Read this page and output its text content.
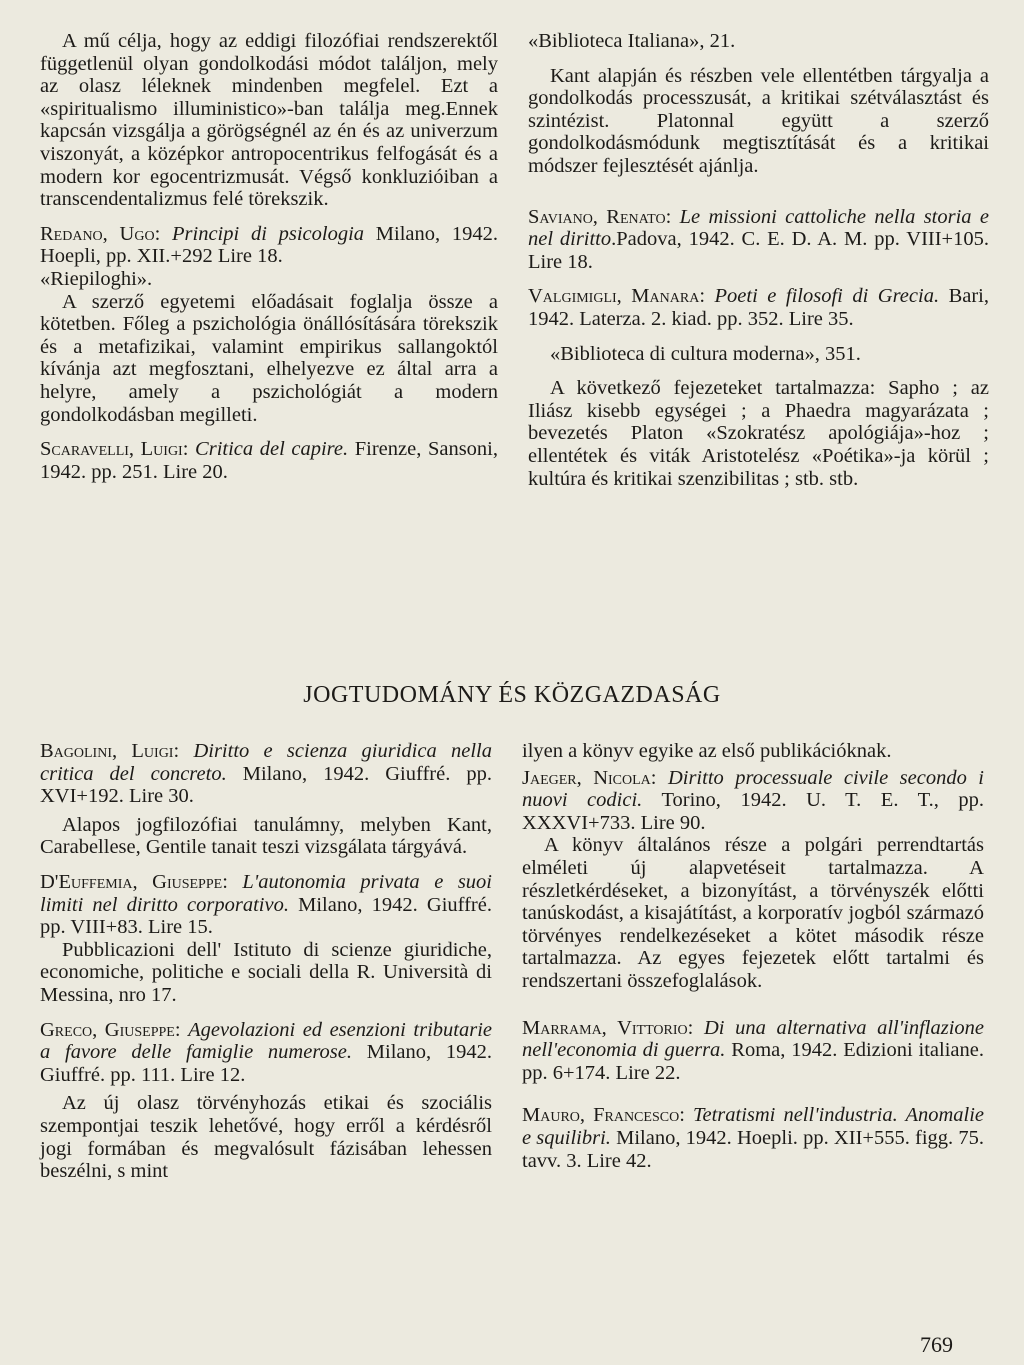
A mű célja, hogy az eddigi filozófiai rendszerektől függetlenül olyan gondolkodási módot találjon, mely az olasz léleknek mindenben megfelel. Ezt a «spiritualismo illuministico»-ban találja meg.Ennek kapcsán vizsgálja a görögségnél az én és az univerzum viszonyát, a középkor antropocentrikus felfogását és a modern kor egocentrizmusát. Végső konkluzióiban a transcendentalizmus felé törekszik.

Redano, Ugo: Principi di psicologia Milano, 1942. Hoepli, pp. XII.+292 Lire 18.

«Riepiloghi».

A szerző egyetemi előadásait foglalja össze a kötetben. Főleg a pszichológia önállósítására törekszik és a metafizikai, valamint empirikus sallangoktól kívánja azt megfosztani, elhelyezve ez által arra a helyre, amely a pszichológiát a modern gondolkodásban megilleti.

Scaravelli, Luigi: Critica del capire. Firenze, Sansoni, 1942. pp. 251. Lire 20.

«Biblioteca Italiana», 21.

Kant alapján és részben vele ellentétben tárgyalja a gondolkodás processzusát, a kritikai szétválasztást és szintézist. Platonnal együtt a szerző gondolkodásmódunk megtisztítását és a kritikai módszer fejlesztését ajánlja.

Saviano, Renato: Le missioni cattoliche nella storia e nel diritto.Padova, 1942. C. E. D. A. M. pp. VIII+105. Lire 18.

Valgimigli, Manara: Poeti e filosofi di Grecia. Bari, 1942. Laterza. 2. kiad. pp. 352. Lire 35.

«Biblioteca di cultura moderna», 351.

A következő fejezeteket tartalmazza: Sapho ; az Iliász kisebb egységei ; a Phaedra magyarázata ; bevezetés Platon «Szokratész apológiája»-hoz ; ellentétek és viták Aristotelész «Poétika»-ja körül ; kultúra és kritikai szenzibilitas ; stb. stb.

JOGTUDOMÁNY ÉS KÖZGAZDASÁG

Bagolini, Luigi: Diritto e scienza giuridica nella critica del concreto. Milano, 1942. Giuffré. pp. XVI+192. Lire 30.

Alapos jogfilozófiai tanulámny, melyben Kant, Carabellese, Gentile tanait teszi vizsgálata tárgyává.

D'Euffemia, Giuseppe: L'autonomia privata e suoi limiti nel diritto corporativo. Milano, 1942. Giuffré. pp. VIII+83. Lire 15.

Pubblicazioni dell' Istituto di scienze giuridiche, economiche, politiche e sociali della R. Università di Messina, nro 17.

Greco, Giuseppe: Agevolazioni ed esenzioni tributarie a favore delle famiglie numerose. Milano, 1942. Giuffré. pp. 111. Lire 12.

Az új olasz törvényhozás etikai és szociális szempontjai teszik lehetővé, hogy erről a kérdésről jogi formában és megvalósult fázisában lehessen beszélni, s mint

ilyen a könyv egyike az első publikációknak.

Jaeger, Nicola: Diritto processuale civile secondo i nuovi codici. Torino, 1942. U. T. E. T., pp. XXXVI+733. Lire 90.

A könyv általános része a polgári perrendtartás elméleti új alapvetéseit tartalmazza. A részletkérdéseket, a bizonyítást, a törvényszék előtti tanúskodást, a kisajátítást, a korporatív jogból származó törvényes rendelkezéseket a kötet második része tartalmazza. Az egyes fejezetek előtt tartalmi és rendszertani összefoglalások.

Marrama, Vittorio: Di una alternativa all'inflazione nell'economia di guerra. Roma, 1942. Edizioni italiane. pp. 6+174. Lire 22.

Mauro, Francesco: Tetratismi nell'industria. Anomalie e squilibri. Milano, 1942. Hoepli. pp. XII+555. figg. 75. tavv. 3. Lire 42.

769
